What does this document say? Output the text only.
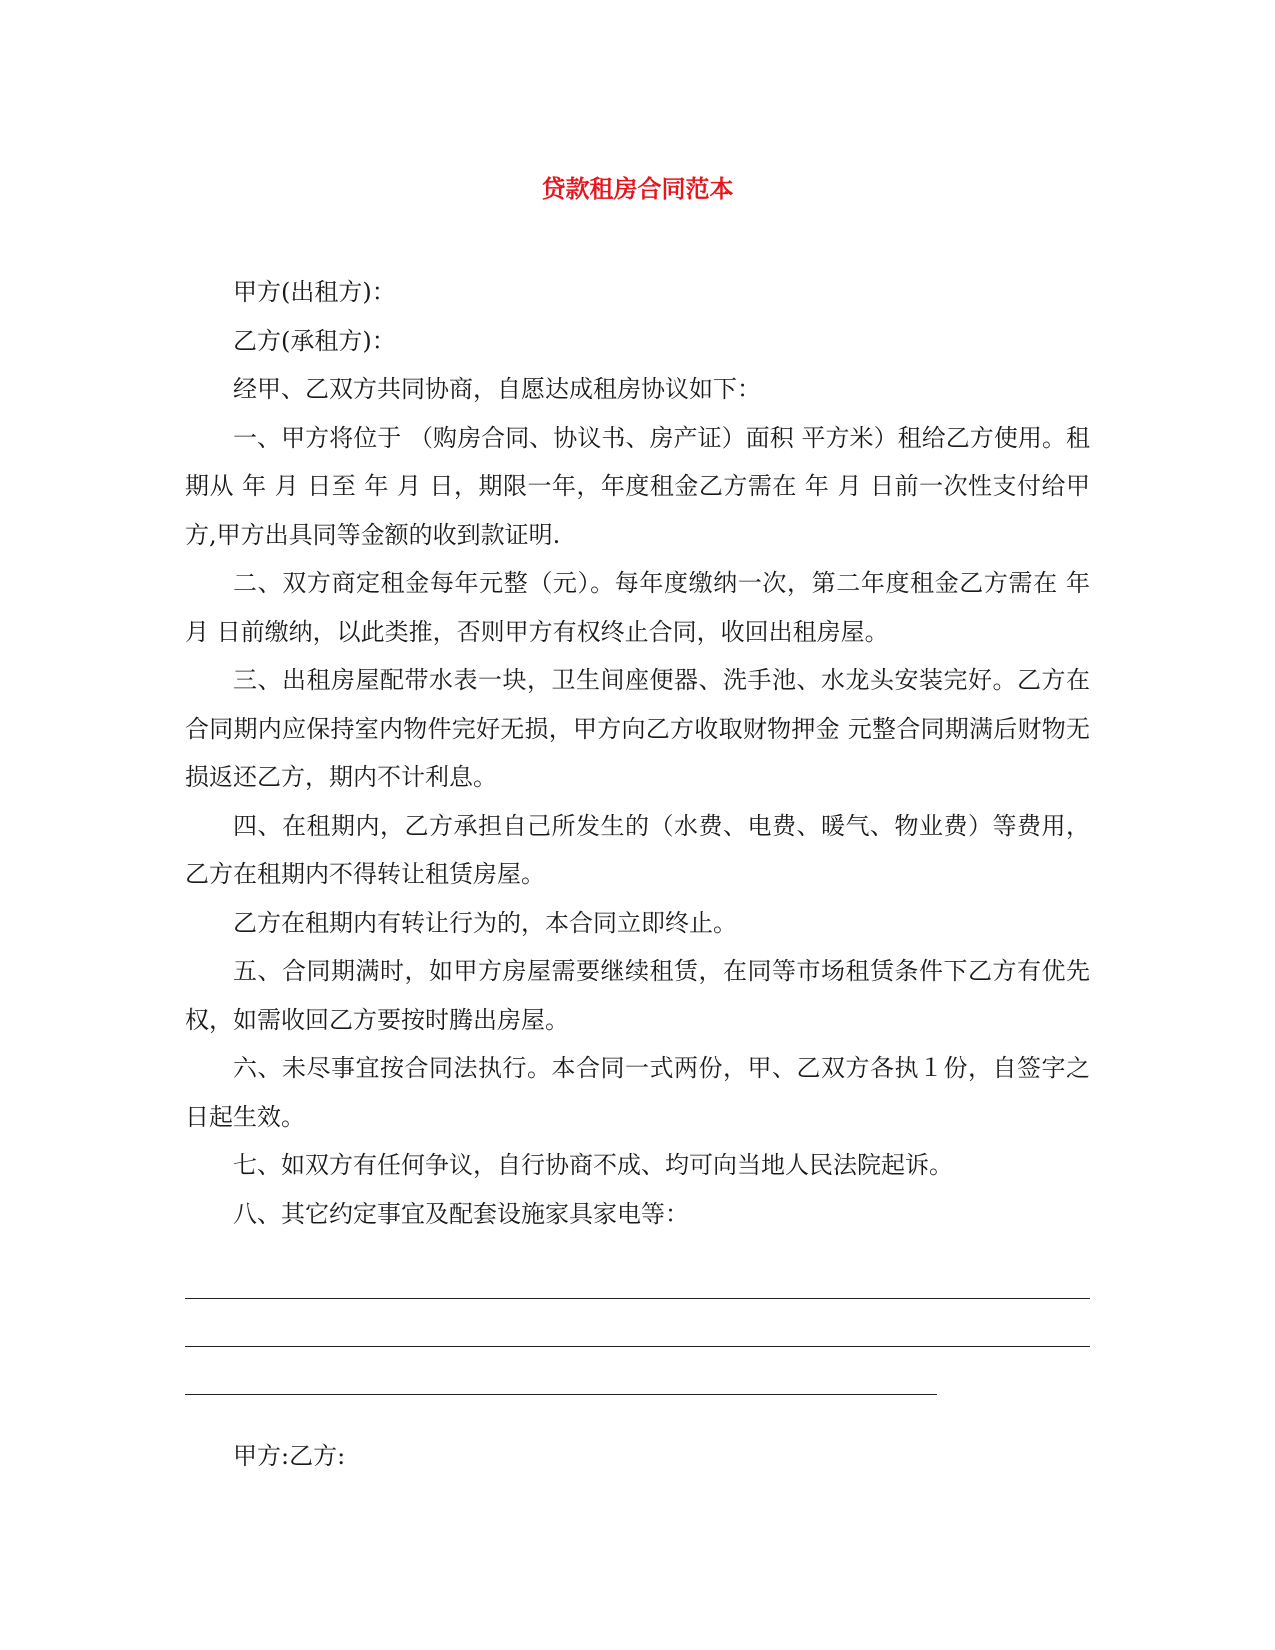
贷款租房合同范本

甲方(出租方)：

乙方(承租方)：

经甲、乙双方共同协商，自愿达成租房协议如下：

一、甲方将位于 （购房合同、协议书、房产证）面积 平方米）租给乙方使用。租期从 年 月 日至 年 月 日，期限一年，年度租金乙方需在 年 月 日前一次性支付给甲方,甲方出具同等金额的收到款证明.

二、双方商定租金每年元整（元）。每年度缴纳一次，第二年度租金乙方需在 年 月 日前缴纳，以此类推，否则甲方有权终止合同，收回出租房屋。

三、出租房屋配带水表一块，卫生间座便器、洗手池、水龙头安装完好。乙方在合同期内应保持室内物件完好无损，甲方向乙方收取财物押金 元整合同期满后财物无损返还乙方，期内不计利息。

四、在租期内，乙方承担自己所发生的（水费、电费、暖气、物业费）等费用，乙方在租期内不得转让租赁房屋。

乙方在租期内有转让行为的，本合同立即终止。

五、合同期满时，如甲方房屋需要继续租赁，在同等市场租赁条件下乙方有优先权，如需收回乙方要按时腾出房屋。

六、未尽事宜按合同法执行。本合同一式两份，甲、乙双方各执１份，自签字之日起生效。

七、如双方有任何争议，自行协商不成、均可向当地人民法院起诉。

八、其它约定事宜及配套设施家具家电等：

甲方:乙方:
